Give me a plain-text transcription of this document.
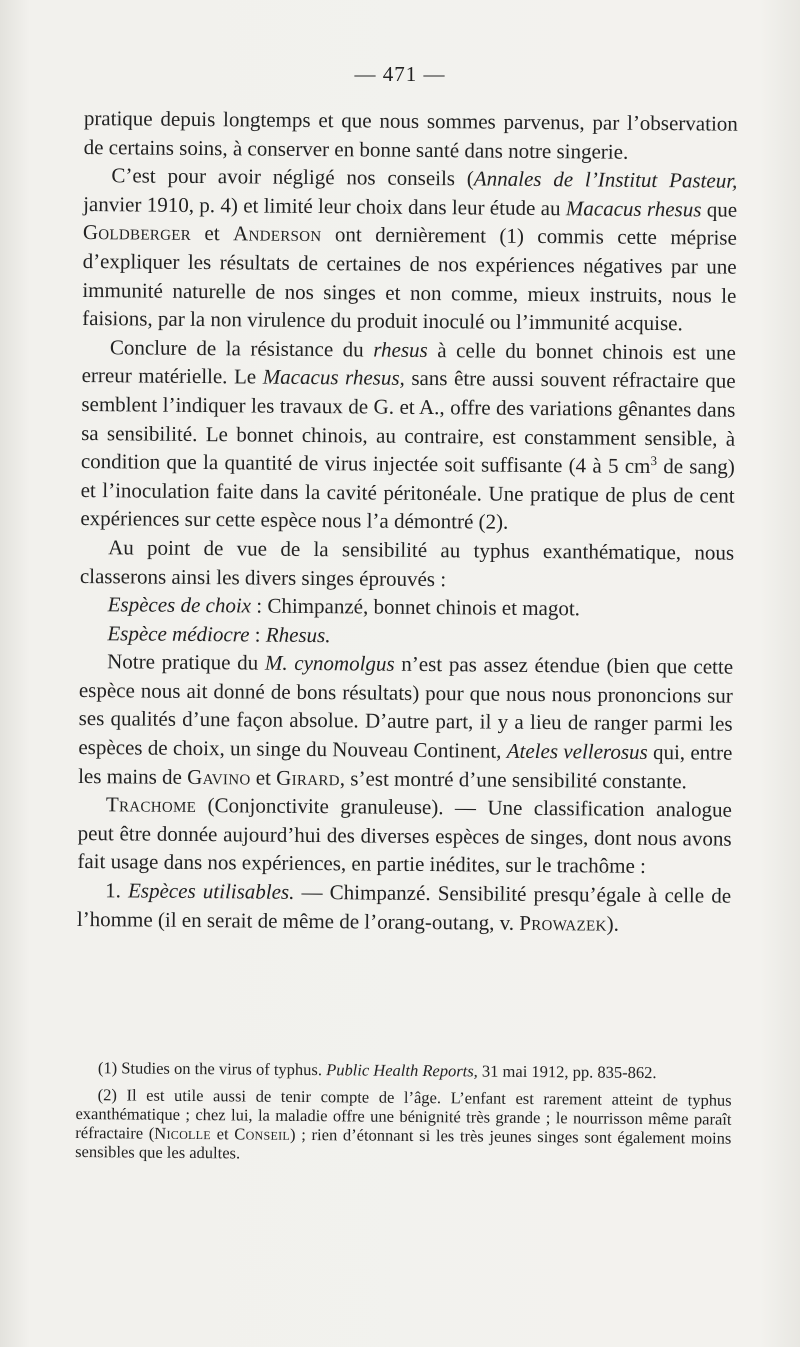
— 471 —

pratique depuis longtemps et que nous sommes parvenus, par l’observation de certains soins, à conserver en bonne santé dans notre singerie.

C’est pour avoir négligé nos conseils (Annales de l’Institut Pasteur, janvier 1910, p. 4) et limité leur choix dans leur étude au Macacus rhesus que Goldberger et Anderson ont dernièrement (1) commis cette méprise d’expliquer les résultats de certaines de nos expériences négatives par une immunité naturelle de nos singes et non comme, mieux instruits, nous le faisions, par la non virulence du produit inoculé ou l’immunité acquise.

Conclure de la résistance du rhesus à celle du bonnet chinois est une erreur matérielle. Le Macacus rhesus, sans être aussi souvent réfractaire que semblent l’indiquer les travaux de G. et A., offre des variations gênantes dans sa sensibilité. Le bonnet chinois, au contraire, est constamment sensible, à condition que la quantité de virus injectée soit suffisante (4 à 5 $cm^3$ de sang) et l’inoculation faite dans la cavité péritonéale. Une pratique de plus de cent expériences sur cette espèce nous l’a démontré (2).

Au point de vue de la sensibilité au typhus exanthématique, nous classerons ainsi les divers singes éprouvés :

Espèces de choix : Chimpanzé, bonnet chinois et magot.

Espèce médiocre : Rhesus.

Notre pratique du M. cynomolgus n’est pas assez étendue (bien que cette espèce nous ait donné de bons résultats) pour que nous nous prononcions sur ses qualités d’une façon absolue. D’autre part, il y a lieu de ranger parmi les espèces de choix, un singe du Nouveau Continent, Ateles vellerosus qui, entre les mains de Gavino et Girard, s’est montré d’une sensibilité constante.

Trachome (Conjonctivite granuleuse). — Une classification analogue peut être donnée aujourd’hui des diverses espèces de singes, dont nous avons fait usage dans nos expériences, en partie inédites, sur le trachôme :

1. Espèces utilisables. — Chimpanzé. Sensibilité presqu’égale à celle de l’homme (il en serait de même de l’orang-outang, v. Prowazek).

(1) Studies on the virus of typhus. Public Health Reports, 31 mai 1912, pp. 835-862.

(2) Il est utile aussi de tenir compte de l’âge. L’enfant est rarement atteint de typhus exanthématique ; chez lui, la maladie offre une bénignité très grande ; le nourrisson même paraît réfractaire (Nicolle et Conseil) ; rien d’étonnant si les très jeunes singes sont également moins sensibles que les adultes.
